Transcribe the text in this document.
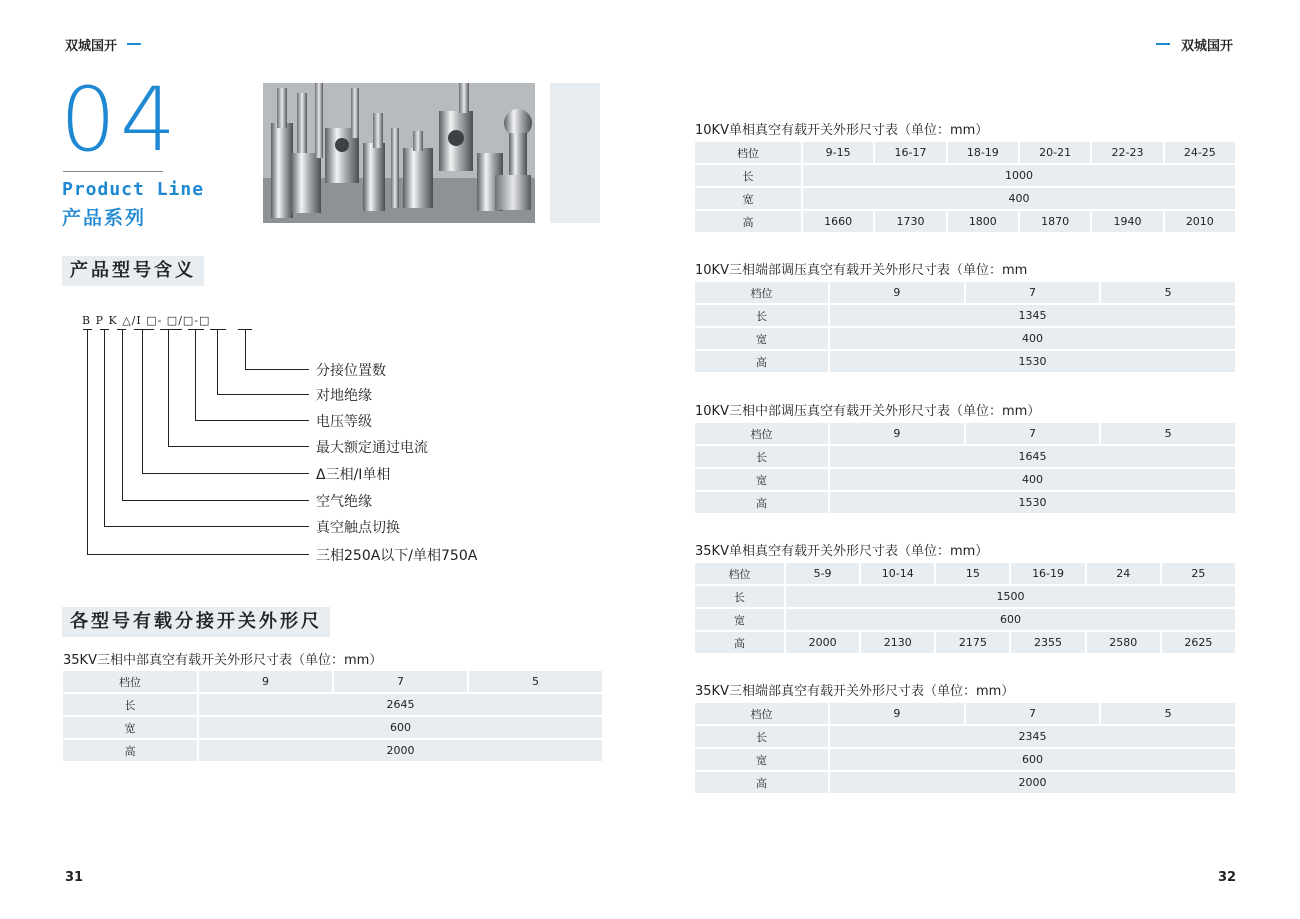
双城国开	双城国开
04
Product Line
产品系列
产品型号含义
B P K △/I □- □/□-□
分接位置数
对地绝缘
电压等级
最大额定通过电流
Δ三相/I单相
空气绝缘
真空触点切换
三相250A以下/单相750A
各型号有载分接开关外形尺
35KV三相中部真空有载开关外形尺寸表（单位：mm）
档位	9	7	5
长	2645		
宽	600		
高	2000		
10KV单相真空有载开关外形尺寸表（单位：mm）
档位	9-15	16-17	18-19	20-21	22-23	24-25
长	1000					
宽	400					
高	1660	1730	1800	1870	1940	2010
10KV三相端部调压真空有载开关外形尺寸表（单位：mm
档位	9	7	5
长	1345		
宽	400		
高	1530		
10KV三相中部调压真空有载开关外形尺寸表（单位：mm）
档位	9	7	5
长	1645		
宽	400		
高	1530		
35KV单相真空有载开关外形尺寸表（单位：mm）
档位	5-9	10-14	15	16-19	24	25
长	1500					
宽	600					
高	2000	2130	2175	2355	2580	2625
35KV三相端部真空有载开关外形尺寸表（单位：mm）
档位	9	7	5
长	2345		
宽	600		
高	2000		
31	32
